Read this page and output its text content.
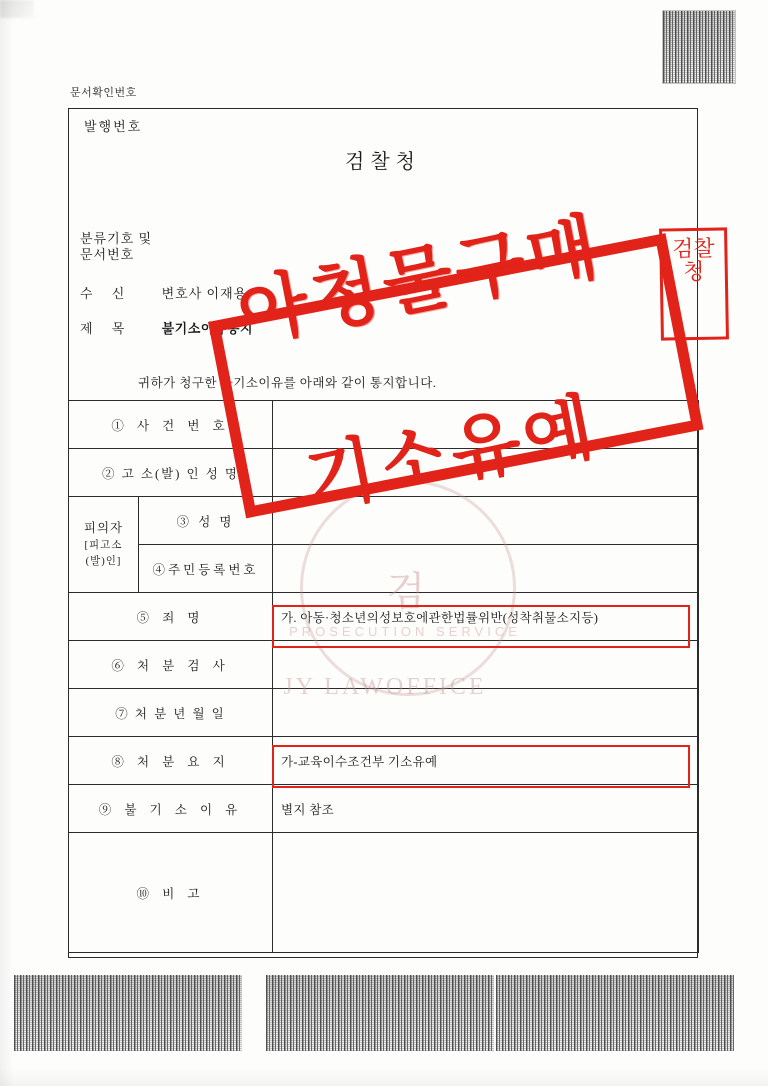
문서확인번호
발행번호
검찰청
분류기호 및
문서번호
수 신 변호사 이재용
제 목 불기소이유통지
귀하가 청구한 불기소이유를 아래와 같이 통지합니다.
① 사 건 번 호		
② 고 소(발) 인 성 명		
피의자
[피고소(발)인]	③ 성 명	
	④주민등록번호	
⑤ 죄 명		가. 아동·청소년의성보호에관한법률위반(성착취물소지등)
⑥ 처 분 검 사		
⑦ 처 분 년 월 일		
⑧ 처 분 요 지		가-교육이수조건부 기소유예
⑨ 불 기 소 이 유		별지 참조
⑩ 비 고		
검
PROSECUTION SERVICE
JY LAWOFFICE
아청물구매
기소유예
검찰청
